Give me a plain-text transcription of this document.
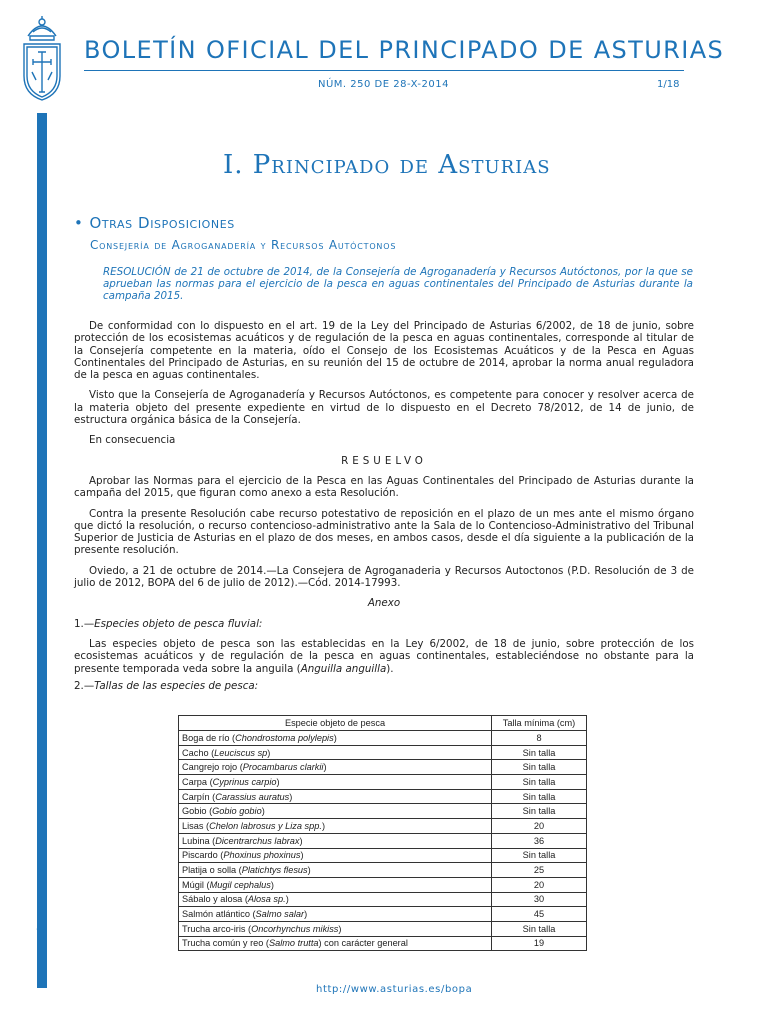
Cód. 2014-17993
BOLETÍN OFICIAL DEL PRINCIPADO DE ASTURIAS
NÚM. 250 DE 28-X-2014	1/18
I. Principado de Asturias
• Otras Disposiciones
Consejería de Agroganadería y Recursos Autóctonos
RESOLUCIÓN de 21 de octubre de 2014, de la Consejería de Agroganadería y Recursos Autóctonos, por la que se aprueban las normas para el ejercicio de la pesca en aguas continentales del Principado de Asturias durante la campaña 2015.

De conformidad con lo dispuesto en el art. 19 de la Ley del Principado de Asturias 6/2002, de 18 de junio, sobre protección de los ecosistemas acuáticos y de regulación de la pesca en aguas continentales, corresponde al titular de la Consejería competente en la materia, oído el Consejo de los Ecosistemas Acuáticos y de la Pesca en Aguas Continentales del Principado de Asturias, en su reunión del 15 de octubre de 2014, aprobar la norma anual reguladora de la pesca en aguas continentales.

Visto que la Consejería de Agroganadería y Recursos Autóctonos, es competente para conocer y resolver acerca de la materia objeto del presente expediente en virtud de lo dispuesto en el Decreto 78/2012, de 14 de junio, de estructura orgánica básica de la Consejería.

En consecuencia

RESUELVO

Aprobar las Normas para el ejercicio de la Pesca en las Aguas Continentales del Principado de Asturias durante la campaña del 2015, que figuran como anexo a esta Resolución.

Contra la presente Resolución cabe recurso potestativo de reposición en el plazo de un mes ante el mismo órgano que dictó la resolución, o recurso contencioso-administrativo ante la Sala de lo Contencioso-Administrativo del Tribunal Superior de Justicia de Asturias en el plazo de dos meses, en ambos casos, desde el día siguiente a la publicación de la presente resolución.

Oviedo, a 21 de octubre de 2014.—La Consejera de Agroganaderia y Recursos Autoctonos (P.D. Resolución de 3 de julio de 2012, BOPA del 6 de julio de 2012).—Cód. 2014-17993.

Anexo

1.—Especies objeto de pesca fluvial:

Las especies objeto de pesca son las establecidas en la Ley 6/2002, de 18 de junio, sobre protección de los ecosistemas acuáticos y de regulación de la pesca en aguas continentales, estableciéndose no obstante para la presente temporada veda sobre la anguila (Anguilla anguilla).

2.—Tallas de las especies de pesca:

Especie objeto de pesca	Talla mínima (cm)
Boga de río (Chondrostoma polylepis)	8
Cacho (Leuciscus sp)	Sin talla
Cangrejo rojo (Procambarus clarkii)	Sin talla
Carpa (Cyprinus carpio)	Sin talla
Carpín (Carassius auratus)	Sin talla
Gobio (Gobio gobio)	Sin talla
Lisas (Chelon labrosus y Liza spp.)	20
Lubina (Dicentrarchus labrax)	36
Piscardo (Phoxinus phoxinus)	Sin talla
Platija o solla (Platichtys flesus)	25
Múgil (Mugil cephalus)	20
Sábalo y alosa (Alosa sp.)	30
Salmón atlántico (Salmo salar)	45
Trucha arco-iris (Oncorhynchus mikiss)	Sin talla
Trucha común y reo (Salmo trutta) con carácter general	19
http://www.asturias.es/bopa
